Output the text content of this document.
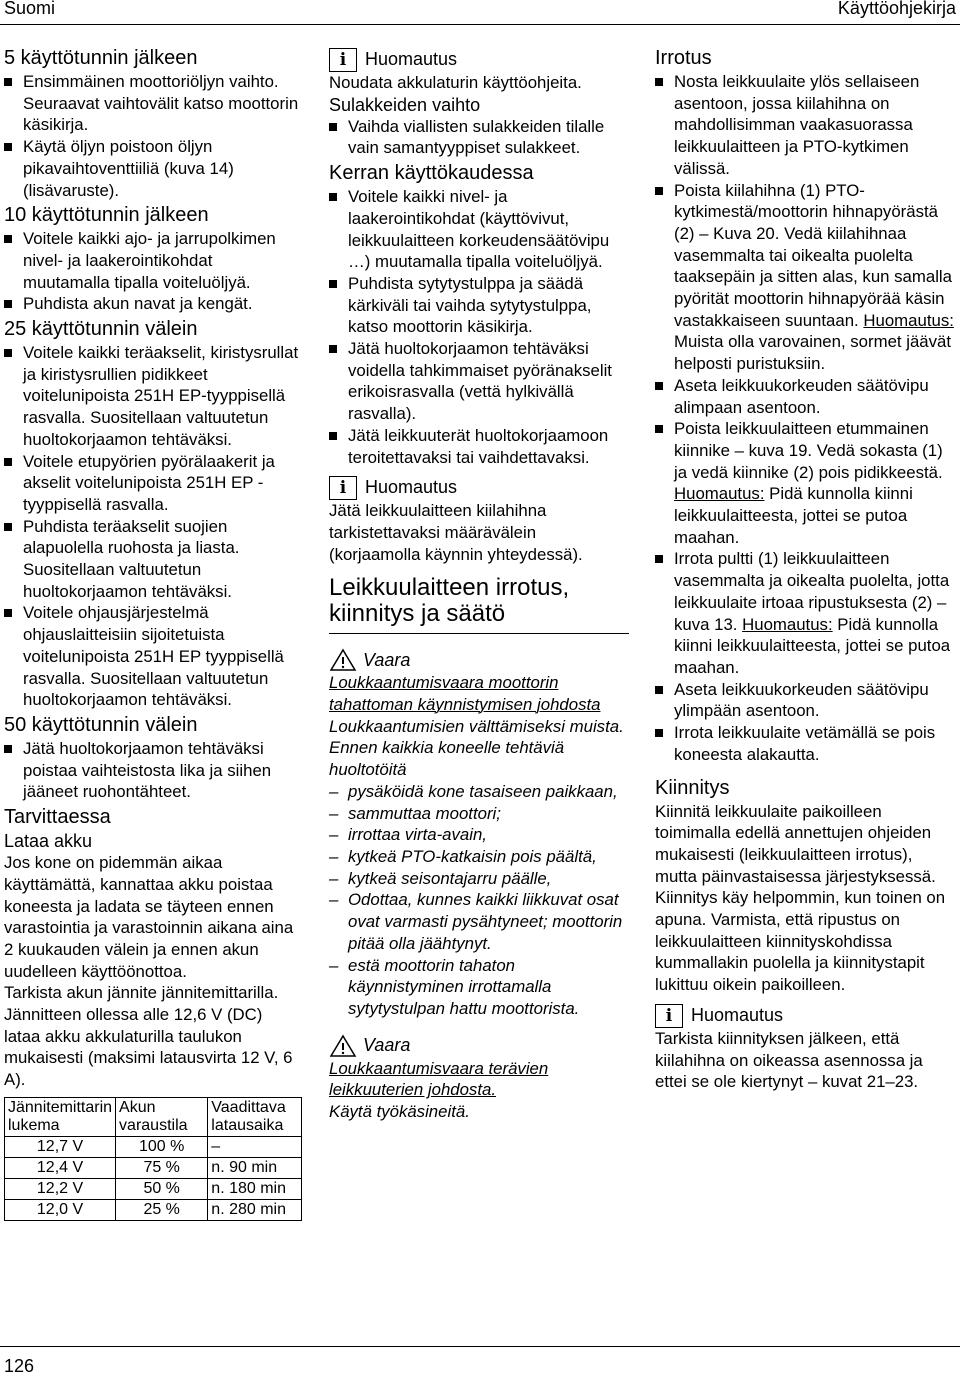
Suomi	Käyttöohjekirja

5 käyttötunnin jälkeen

Ensimmäinen moottoriöljyn vaihto. Seuraavat vaihtovälit katso moottorin käsikirja.
Käytä öljyn poistoon öljyn pikavaihtoventtiiliä (kuva 14) (lisävaruste).

10 käyttötunnin jälkeen

Voitele kaikki ajo- ja jarrupolkimen nivel- ja laakerointikohdat muutamalla tipalla voiteluöljyä.
Puhdista akun navat ja kengät.

25 käyttötunnin välein

Voitele kaikki teräakselit, kiristysrullat ja kiristysrullien pidikkeet voitelunipoista 251H EP-tyyppisellä rasvalla. Suositellaan valtuutetun huoltokorjaamon tehtäväksi.
Voitele etupyörien pyörälaakerit ja akselit voitelunipoista 251H EP -tyyppisellä rasvalla.
Puhdista teräakselit suojien alapuolella ruohosta ja liasta. Suositellaan valtuutetun huoltokorjaamon tehtäväksi.
Voitele ohjausjärjestelmä ohjauslaitteisiin sijoitetuista voitelunipoista 251H EP tyyppisellä rasvalla. Suositellaan valtuutetun huoltokorjaamon tehtäväksi.

50 käyttötunnin välein

Jätä huoltokorjaamon tehtäväksi poistaa vaihteistosta lika ja siihen jääneet ruohontähteet.

Tarvittaessa

Lataa akku

Jos kone on pidemmän aikaa käyttämättä, kannattaa akku poistaa koneesta ja ladata se täyteen ennen varastointia ja varastoinnin aikana aina 2 kuukauden välein ja ennen akun uudelleen käyttöönottoa.

Tarkista akun jännite jännitemittarilla. Jännitteen ollessa alle 12,6 V (DC) lataa akku akkulaturilla taulukon mukaisesti (maksimi latausvirta 12 V, 6 A).

Jännitemittarin lukema	Akun varaustila	Vaadittava latausaika
12,7 V	100 %	–
12,4 V	75 %	n. 90 min
12,2 V	50 %	n. 180 min
12,0 V	25 %	n. 280 min
i	Huomautus

Noudata akkulaturin käyttöohjeita.

Sulakkeiden vaihto

Vaihda viallisten sulakkeiden tilalle vain samantyyppiset sulakkeet.

Kerran käyttökaudessa

Voitele kaikki nivel- ja laakerointikohdat (käyttövivut, leikkuulaitteen korkeudensäätövipu …) muutamalla tipalla voiteluöljyä.
Puhdista sytytystulppa ja säädä kärkiväli tai vaihda sytytystulppa, katso moottorin käsikirja.
Jätä huoltokorjaamon tehtäväksi voidella tahkimmaiset pyöränakselit erikoisrasvalla (vettä hylkivällä rasvalla).
Jätä leikkuuterät huoltokorjaamoon teroitettavaksi tai vaihdettavaksi.
i	Huomautus

Jätä leikkuulaitteen kiilahihna tarkistettavaksi määrävälein (korjaamolla käynnin yhteydessä).

Leikkuulaitteen irrotus, kiinnitys ja säätö

Vaara

Loukkaantumisvaara moottorin tahattoman käynnistymisen johdosta

Loukkaantumisien välttämiseksi muista. Ennen kaikkia koneelle tehtäviä huoltotöitä

– pysäköidä kone tasaiseen paikkaan,
– sammuttaa moottori;
– irrottaa virta-avain,
– kytkeä PTO-katkaisin pois päältä,
– kytkeä seisontajarru päälle,
– Odottaa, kunnes kaikki liikkuvat osat ovat varmasti pysähtyneet; moottorin pitää olla jäähtynyt.
– estä moottorin tahaton käynnistyminen irrottamalla sytytystulpan hattu moottorista.
Vaara

Loukkaantumisvaara terävien leikkuuterien johdosta.

Käytä työkäsineitä.

Irrotus

Nosta leikkuulaite ylös sellaiseen asentoon, jossa kiilahihna on mahdollisimman vaakasuorassa leikkuulaitteen ja PTO-kytkimen välissä.
Poista kiilahihna (1) PTO-kytkimestä/moottorin hihnapyörästä (2) – Kuva 20. Vedä kiilahihnaa vasemmalta tai oikealta puolelta taaksepäin ja sitten alas, kun samalla pyörität moottorin hihnapyörää käsin vastakkaiseen suuntaan. Huomautus: Muista olla varovainen, sormet jäävät helposti puristuksiin.
Aseta leikkuukorkeuden säätövipu alimpaan asentoon.
Poista leikkuulaitteen etummainen kiinnike – kuva 19. Vedä sokasta (1) ja vedä kiinnike (2) pois pidikkeestä. Huomautus: Pidä kunnolla kiinni leikkuulaitteesta, jottei se putoa maahan.
Irrota pultti (1) leikkuulaitteen vasemmalta ja oikealta puolelta, jotta leikkuulaite irtoaa ripustuksesta (2) – kuva 13. Huomautus: Pidä kunnolla kiinni leikkuulaitteesta, jottei se putoa maahan.
Aseta leikkuukorkeuden säätövipu ylimpään asentoon.
Irrota leikkuulaite vetämällä se pois koneesta alakautta.

Kiinnitys

Kiinnitä leikkuulaite paikoilleen toimimalla edellä annettujen ohjeiden mukaisesti (leikkuulaitteen irrotus), mutta päinvastaisessa järjestyksessä. Kiinnitys käy helpommin, kun toinen on apuna. Varmista, että ripustus on leikkuulaitteen kiinnityskohdissa kummallakin puolella ja kiinnitystapit lukittuu oikein paikoilleen.

i	Huomautus

Tarkista kiinnityksen jälkeen, että kiilahihna on oikeassa asennossa ja ettei se ole kiertynyt – kuvat 21–23.

126
